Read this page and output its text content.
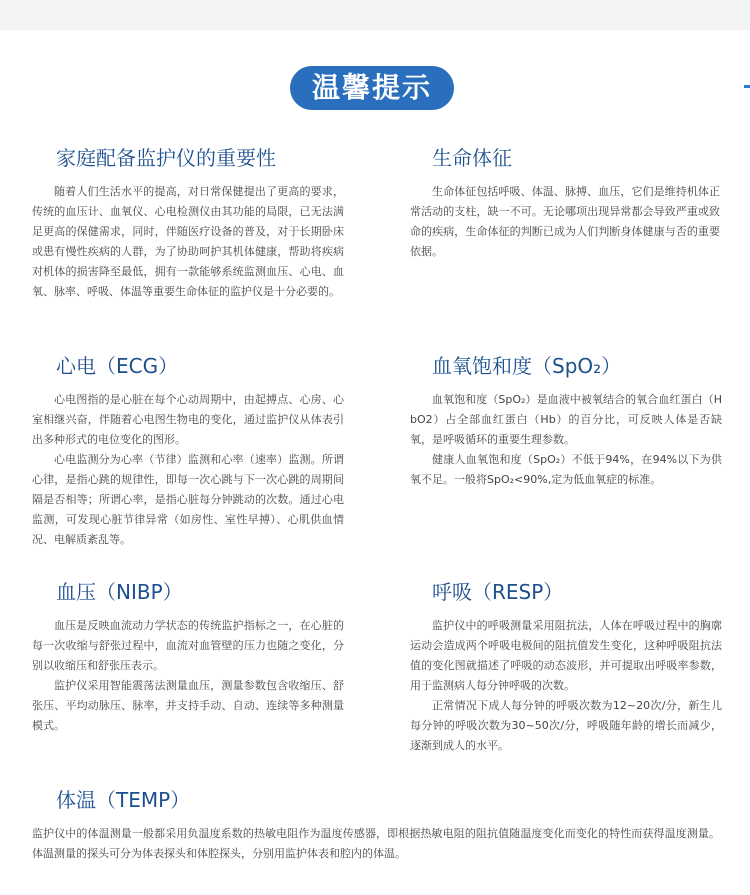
温馨提示
家庭配备监护仪的重要性

随着人们生活水平的提高，对日常保健提出了更高的要求，传统的血压计、血氧仪、心电检测仪由其功能的局限，已无法满足更高的保健需求，同时，伴随医疗设备的普及，对于长期卧床或患有慢性疾病的人群，为了协助呵护其机体健康，帮助将疾病对机体的损害降至最低，拥有一款能够系统监测血压、心电、血氧、脉率、呼吸、体温等重要生命体征的监护仪是十分必要的。

生命体征

生命体征包括呼吸、体温、脉搏、血压，它们是维持机体正常活动的支柱，缺一不可。无论哪项出现异常都会导致严重或致命的疾病，生命体征的判断已成为人们判断身体健康与否的重要依据。

心电（ECG）

心电图指的是心脏在每个心动周期中，由起搏点、心房、心室相继兴奋，伴随着心电图生物电的变化，通过监护仪从体表引出多种形式的电位变化的图形。

心电监测分为心率（节律）监测和心率（速率）监测。所谓心律，是指心跳的规律性，即每一次心跳与下一次心跳的周期间隔是否相等；所谓心率，是指心脏每分钟跳动的次数。通过心电监测，可发现心脏节律异常（如房性、室性早搏）、心肌供血情况、电解质紊乱等。

血氧饱和度（SpO₂）

血氧饱和度（SpO₂）是血液中被氧结合的氧合血红蛋白（HbO2）占全部血红蛋白（Hb）的百分比，可反映人体是否缺氧，是呼吸循环的重要生理参数。

健康人血氧饱和度（SpO₂）不低于94%，在94%以下为供氧不足。一般将SpO₂<90%,定为低血氧症的标准。

血压（NIBP）

血压是反映血流动力学状态的传统监护指标之一，在心脏的每一次收缩与舒张过程中，血流对血管壁的压力也随之变化，分别以收缩压和舒张压表示。

监护仪采用智能震荡法测量血压，测量参数包含收缩压、舒张压、平均动脉压、脉率，并支持手动、自动、连续等多种测量模式。

呼吸（RESP）

监护仪中的呼吸测量采用阻抗法，人体在呼吸过程中的胸廓运动会造成两个呼吸电极间的阻抗值发生变化，这种呼吸阻抗法值的变化图就描述了呼吸的动态波形，并可提取出呼吸率参数，用于监测病人每分钟呼吸的次数。

正常情况下成人每分钟的呼吸次数为12~20次/分，新生儿每分钟的呼吸次数为30~50次/分，呼吸随年龄的增长而减少，逐渐到成人的水平。

体温（TEMP）

监护仪中的体温测量一般都采用负温度系数的热敏电阻作为温度传感器，即根据热敏电阻的阻抗值随温度变化而变化的特性而获得温度测量。体温测量的探头可分为体表探头和体腔探头，分别用监护体表和腔内的体温。
